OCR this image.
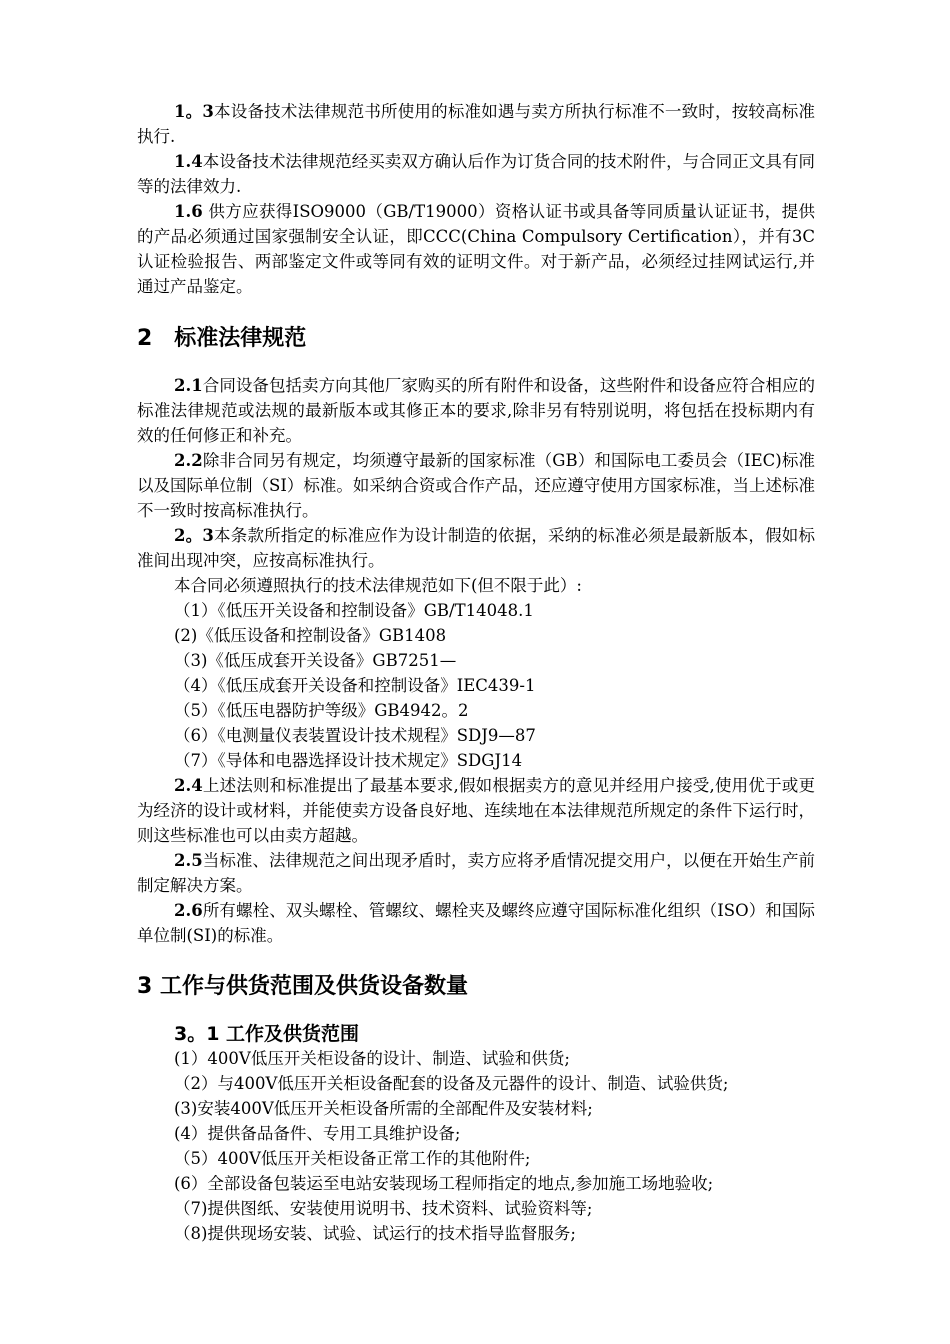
1。3本设备技术法律规范书所使用的标准如遇与卖方所执行标准不一致时，按较高标准执行.

1.4本设备技术法律规范经买卖双方确认后作为订货合同的技术附件，与合同正文具有同等的法律效力.

1.6 供方应获得ISO9000（GB/T19000）资格认证书或具备等同质量认证证书，提供的产品必须通过国家强制安全认证，即CCC(China Compulsory Certification），并有3C认证检验报告、两部鉴定文件或等同有效的证明文件。对于新产品，必须经过挂网试运行,并通过产品鉴定。

2　标准法律规范

2.1合同设备包括卖方向其他厂家购买的所有附件和设备，这些附件和设备应符合相应的标准法律规范或法规的最新版本或其修正本的要求,除非另有特别说明，将包括在投标期内有效的任何修正和补充。

2.2除非合同另有规定，均须遵守最新的国家标准（GB）和国际电工委员会（IEC)标准以及国际单位制（SI）标准。如采纳合资或合作产品，还应遵守使用方国家标准，当上述标准不一致时按高标准执行。

2。3本条款所指定的标准应作为设计制造的依据，采纳的标准必须是最新版本，假如标准间出现冲突，应按高标准执行。

本合同必须遵照执行的技术法律规范如下(但不限于此）:

（1）《低压开关设备和控制设备》GB/T14048.1

(2)《低压设备和控制设备》GB1408

（3)《低压成套开关设备》GB7251—

（4）《低压成套开关设备和控制设备》IEC439-1

（5）《低压电器防护等级》GB4942。2

（6）《电测量仪表装置设计技术规程》SDJ9—87

（7）《导体和电器选择设计技术规定》SDGJ14

2.4上述法则和标准提出了最基本要求,假如根据卖方的意见并经用户接受,使用优于或更为经济的设计或材料，并能使卖方设备良好地、连续地在本法律规范所规定的条件下运行时，则这些标准也可以由卖方超越。

2.5当标准、法律规范之间出现矛盾时，卖方应将矛盾情况提交用户，以便在开始生产前制定解决方案。

2.6所有螺栓、双头螺栓、管螺纹、螺栓夹及螺终应遵守国际标准化组织（ISO）和国际单位制(SI)的标准。

3 工作与供货范围及供货设备数量
3。1 工作及供货范围

(1）400V低压开关柜设备的设计、制造、试验和供货;

（2）与400V低压开关柜设备配套的设备及元器件的设计、制造、试验供货;

(3)安装400V低压开关柜设备所需的全部配件及安装材料;

(4）提供备品备件、专用工具维护设备;

（5）400V低压开关柜设备正常工作的其他附件;

(6）全部设备包装运至电站安装现场工程师指定的地点,参加施工场地验收;

（7)提供图纸、安装使用说明书、技术资料、试验资料等;

（8)提供现场安装、试验、试运行的技术指导监督服务;
